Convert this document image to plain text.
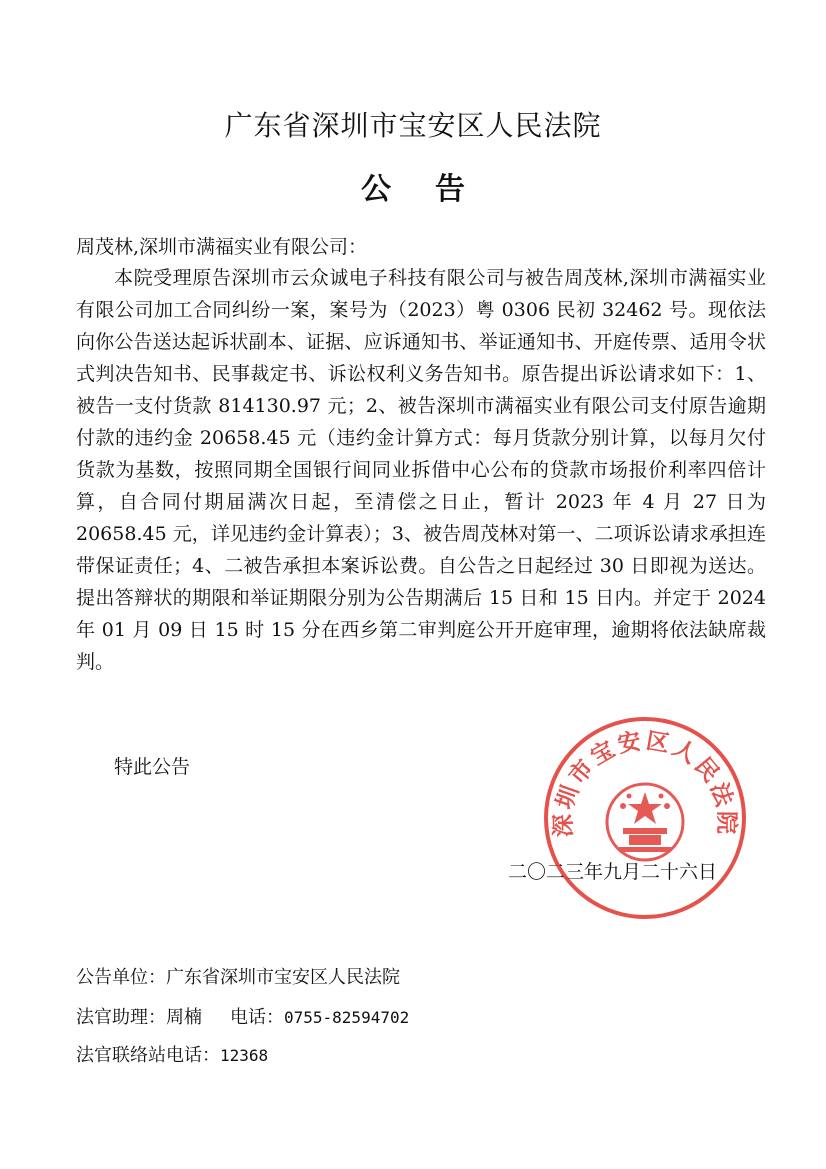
广东省深圳市宝安区人民法院
公 告
周茂林,深圳市满福实业有限公司：

本院受理原告深圳市云众诚电子科技有限公司与被告周茂林,深圳市满福实业有限公司加工合同纠纷一案，案号为（2023）粤 0306 民初 32462 号。现依法向你公告送达起诉状副本、证据、应诉通知书、举证通知书、开庭传票、适用令状式判决告知书、民事裁定书、诉讼权利义务告知书。原告提出诉讼请求如下：1、被告一支付货款 814130.97 元；2、被告深圳市满福实业有限公司支付原告逾期付款的违约金 20658.45 元（违约金计算方式：每月货款分别计算，以每月欠付货款为基数，按照同期全国银行间同业拆借中心公布的贷款市场报价利率四倍计算，自合同付期届满次日起，至清偿之日止，暂计 2023 年 4 月 27 日为 20658.45 元，详见违约金计算表）；3、被告周茂林对第一、二项诉讼请求承担连带保证责任；4、二被告承担本案诉讼费。自公告之日起经过 30 日即视为送达。提出答辩状的期限和举证期限分别为公告期满后 15 日和 15 日内。并定于 2024 年 01 月 09 日 15 时 15 分在西乡第二审判庭公开开庭审理，逾期将依法缺席裁判。

特此公告
二〇二三年九月二十六日
深圳市宝安区人民法院
公告单位：广东省深圳市宝安区人民法院
法官助理：周楠 电话：0755-82594702
法官联络站电话：12368
